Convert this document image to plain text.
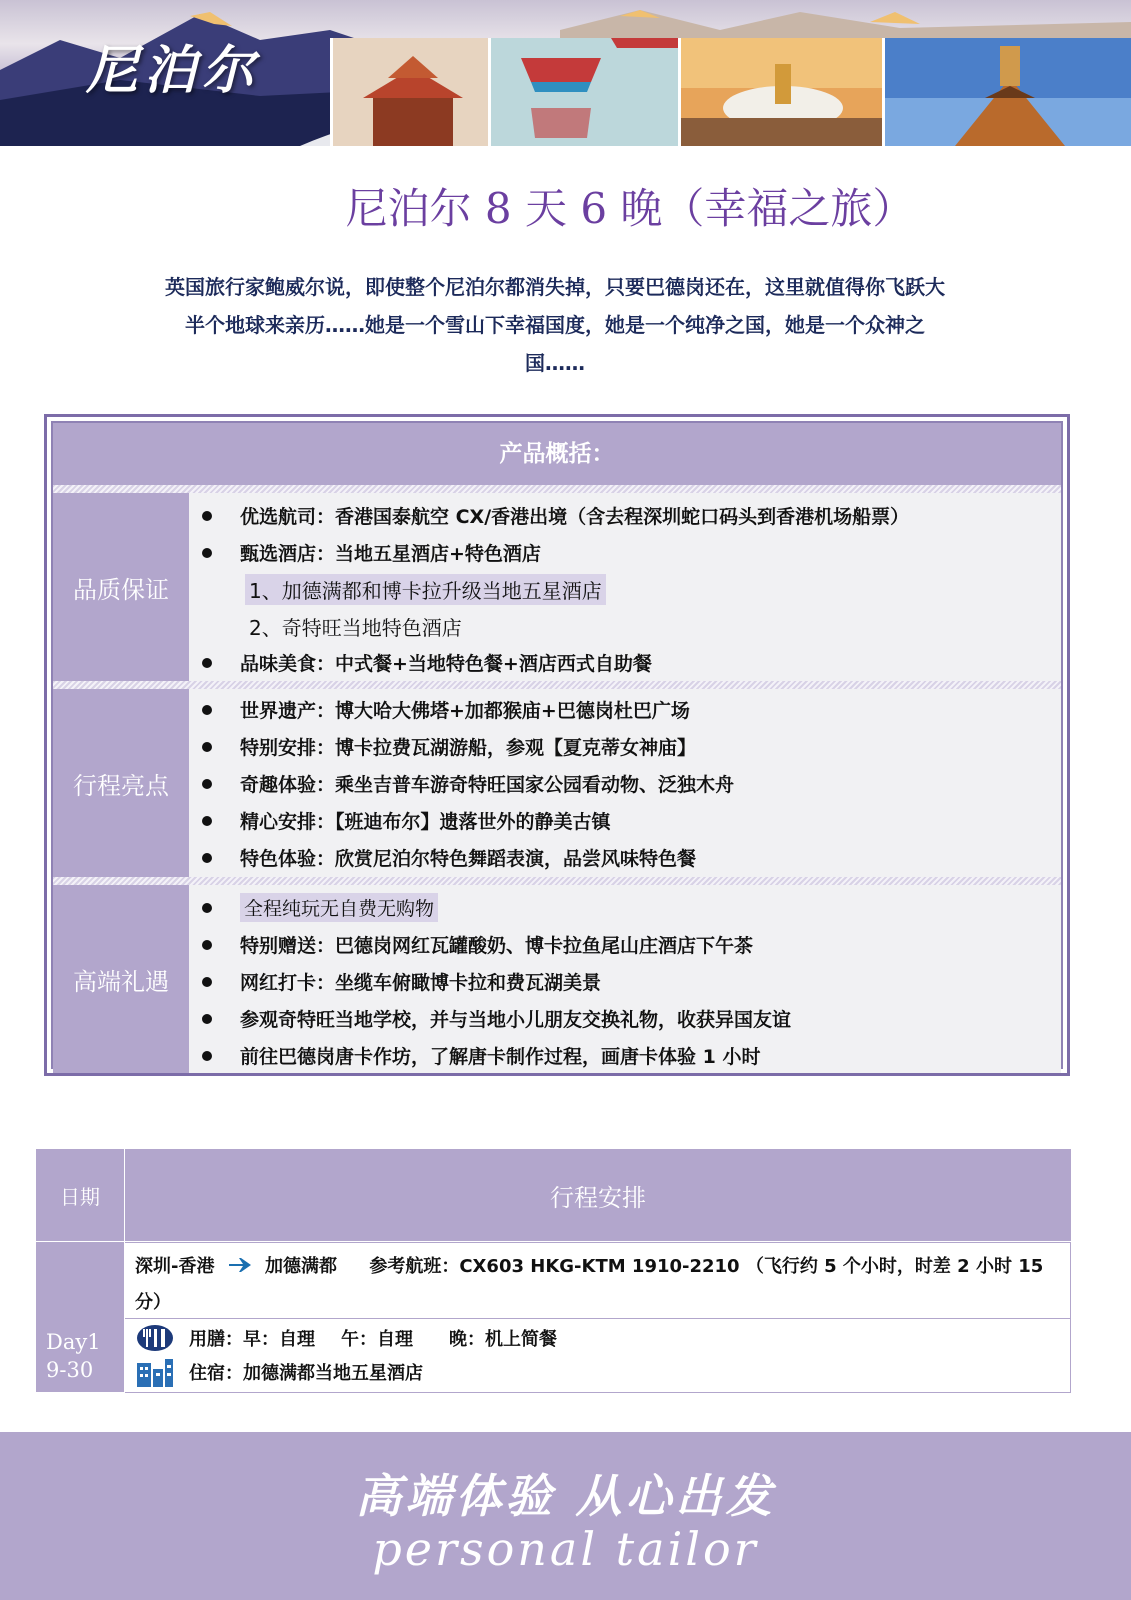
尼泊尔
尼泊尔 8 天 6 晚（幸福之旅）
英国旅行家鲍威尔说，即使整个尼泊尔都消失掉，只要巴德岗还在，这里就值得你飞跃大半个地球来亲历……她是一个雪山下幸福国度，她是一个纯净之国，她是一个众神之国……
产品概括：
品质保证
优选航司：香港国泰航空 CX/香港出境（含去程深圳蛇口码头到香港机场船票）
甄选酒店：当地五星酒店+特色酒店
1、加德满都和博卡拉升级当地五星酒店
2、奇特旺当地特色酒店
品味美食：中式餐+当地特色餐+酒店西式自助餐
行程亮点
世界遗产：博大哈大佛塔+加都猴庙+巴德岗杜巴广场
特别安排：博卡拉费瓦湖游船，参观【夏克蒂女神庙】
奇趣体验：乘坐吉普车游奇特旺国家公园看动物、泛独木舟
精心安排：【班迪布尔】遗落世外的静美古镇
特色体验：欣赏尼泊尔特色舞蹈表演，品尝风味特色餐
高端礼遇
全程纯玩无自费无购物
特别赠送：巴德岗网红瓦罐酸奶、博卡拉鱼尾山庄酒店下午茶
网红打卡：坐缆车俯瞰博卡拉和费瓦湖美景
参观奇特旺当地学校，并与当地小儿朋友交换礼物，收获异国友谊
前往巴德岗唐卡作坊，了解唐卡制作过程，画唐卡体验 1 小时
日期	行程安排
Day1
9-30
深圳-香港	加德满都 参考航班：CX603 HKG-KTM 1910-2210 （飞行约 5 个小时，时差 2 小时 15 分）
用膳： 早：自理 午：自理 晚：机上简餐
住宿：加德满都当地五星酒店
高端体验 从心出发
personal tailor
